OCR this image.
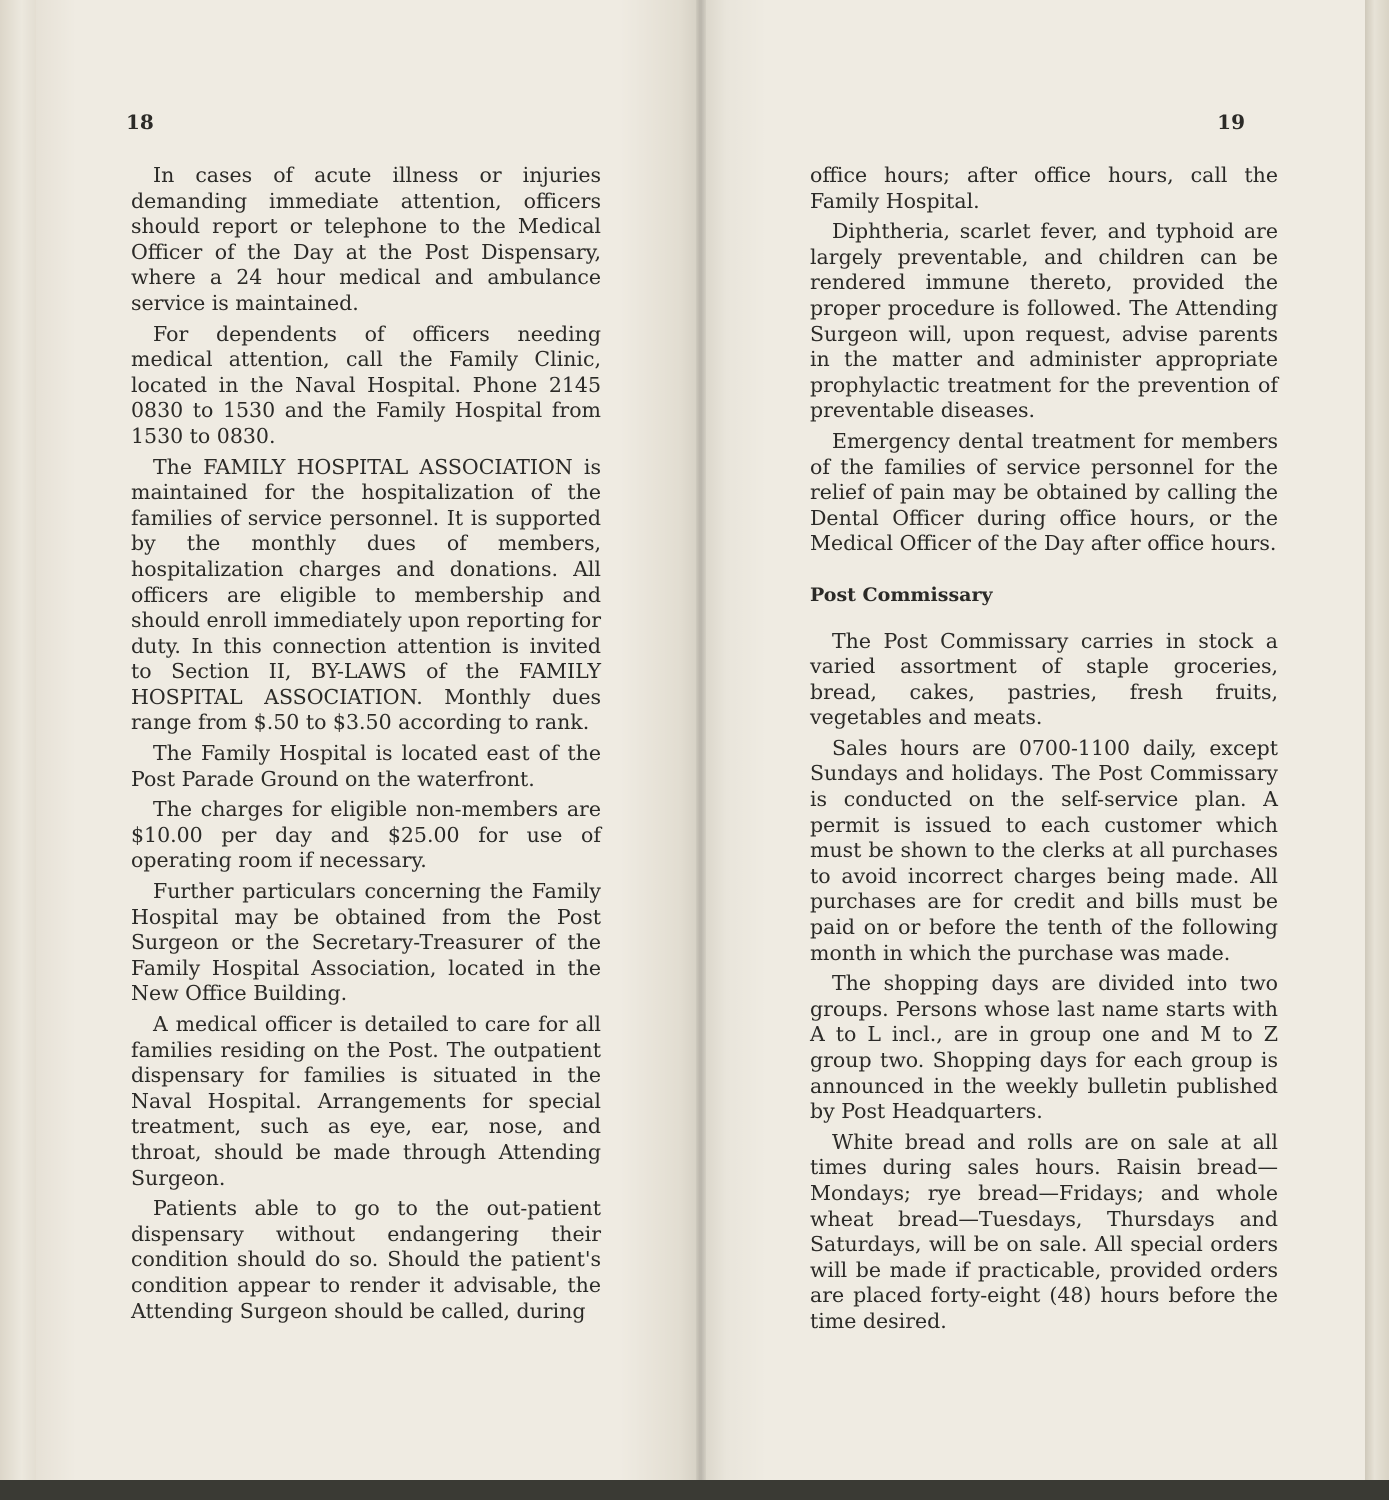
18

In cases of acute illness or injuries demanding immediate attention, officers should report or telephone to the Medical Officer of the Day at the Post Dispensary, where a 24 hour medical and ambulance service is maintained.

For dependents of officers needing medical attention, call the Family Clinic, located in the Naval Hospital. Phone 2145 0830 to 1530 and the Family Hospital from 1530 to 0830.

The FAMILY HOSPITAL ASSOCIATION is maintained for the hospitalization of the families of service personnel. It is supported by the monthly dues of members, hospitalization charges and donations. All officers are eligible to membership and should enroll immediately upon reporting for duty. In this connection attention is invited to Section II, BY-LAWS of the FAMILY HOSPITAL ASSOCIATION. Monthly dues range from $.50 to $3.50 according to rank.

The Family Hospital is located east of the Post Parade Ground on the waterfront.

The charges for eligible non-members are $10.00 per day and $25.00 for use of operating room if necessary.

Further particulars concerning the Family Hospital may be obtained from the Post Surgeon or the Secretary-Treasurer of the Family Hospital Association, located in the New Office Building.

A medical officer is detailed to care for all families residing on the Post. The outpatient dispensary for families is situated in the Naval Hospital. Arrangements for special treatment, such as eye, ear, nose, and throat, should be made through Attending Surgeon.

Patients able to go to the out-patient dispensary without endangering their condition should do so. Should the patient's condition appear to render it advisable, the Attending Surgeon should be called, during

19

office hours; after office hours, call the Family Hospital.

Diphtheria, scarlet fever, and typhoid are largely preventable, and children can be rendered immune thereto, provided the proper procedure is followed. The Attending Surgeon will, upon request, advise parents in the matter and administer appropriate prophylactic treatment for the prevention of preventable diseases.

Emergency dental treatment for members of the families of service personnel for the relief of pain may be obtained by calling the Dental Officer during office hours, or the Medical Officer of the Day after office hours.

Post Commissary

The Post Commissary carries in stock a varied assortment of staple groceries, bread, cakes, pastries, fresh fruits, vegetables and meats.

Sales hours are 0700-1100 daily, except Sundays and holidays. The Post Commissary is conducted on the self-service plan. A permit is issued to each customer which must be shown to the clerks at all purchases to avoid incorrect charges being made. All purchases are for credit and bills must be paid on or before the tenth of the following month in which the purchase was made.

The shopping days are divided into two groups. Persons whose last name starts with A to L incl., are in group one and M to Z group two. Shopping days for each group is announced in the weekly bulletin published by Post Headquarters.

White bread and rolls are on sale at all times during sales hours. Raisin bread—Mondays; rye bread—Fridays; and whole wheat bread—Tuesdays, Thursdays and Saturdays, will be on sale. All special orders will be made if practicable, provided orders are placed forty-eight (48) hours before the time desired.
